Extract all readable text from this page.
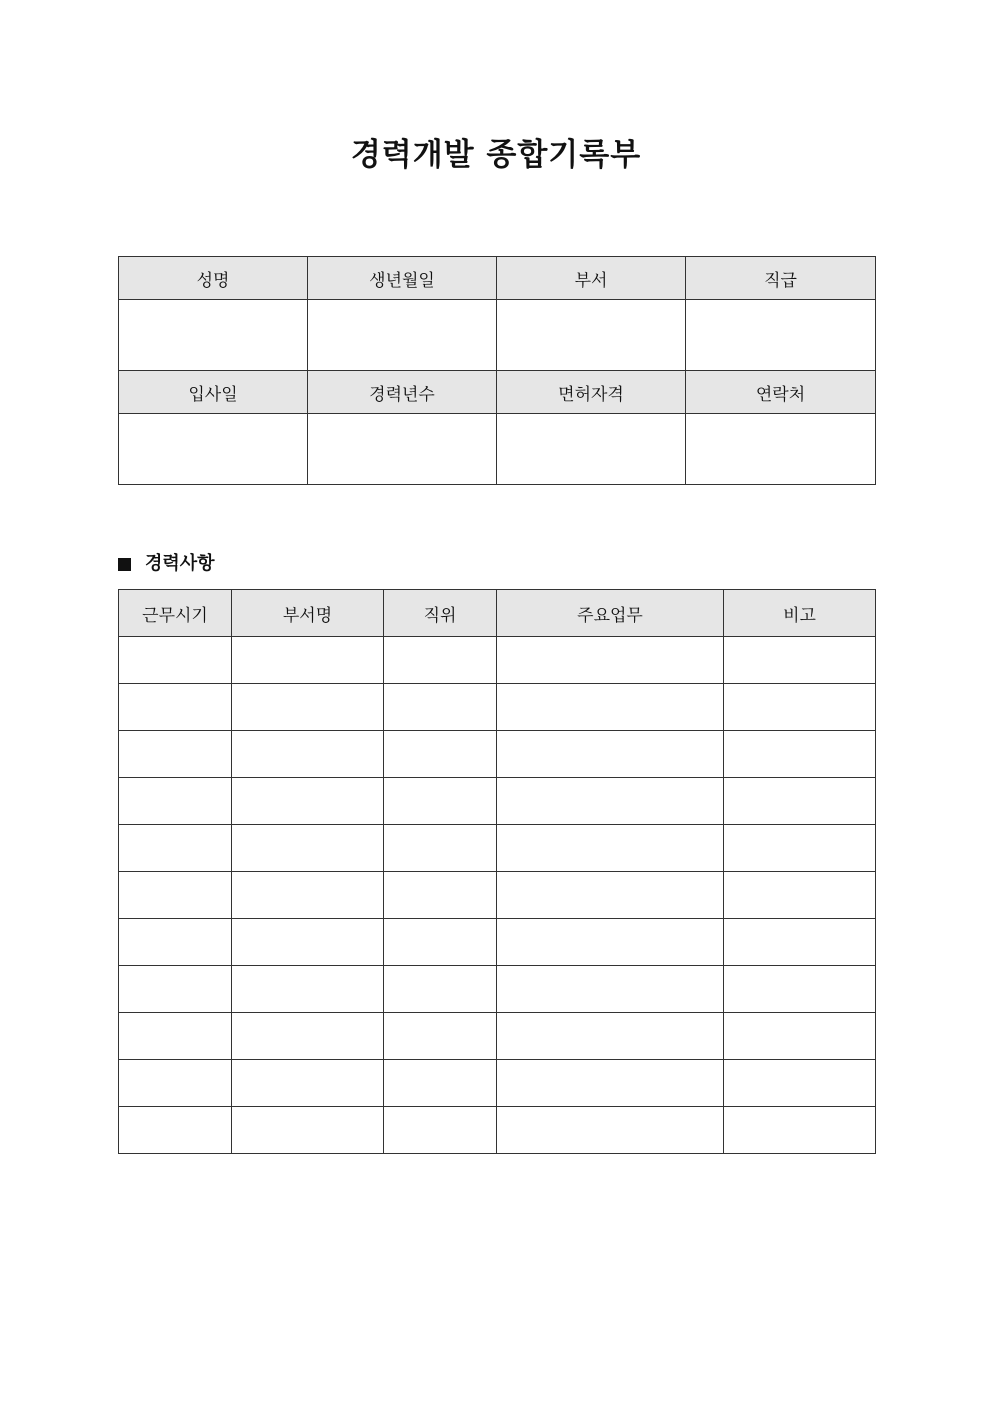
경력개발 종합기록부
성명	생년월일	부서	직급

입사일	경력년수	면허자격	연락처

경력사항
근무시기	부서명	직위	주요업무	비고
